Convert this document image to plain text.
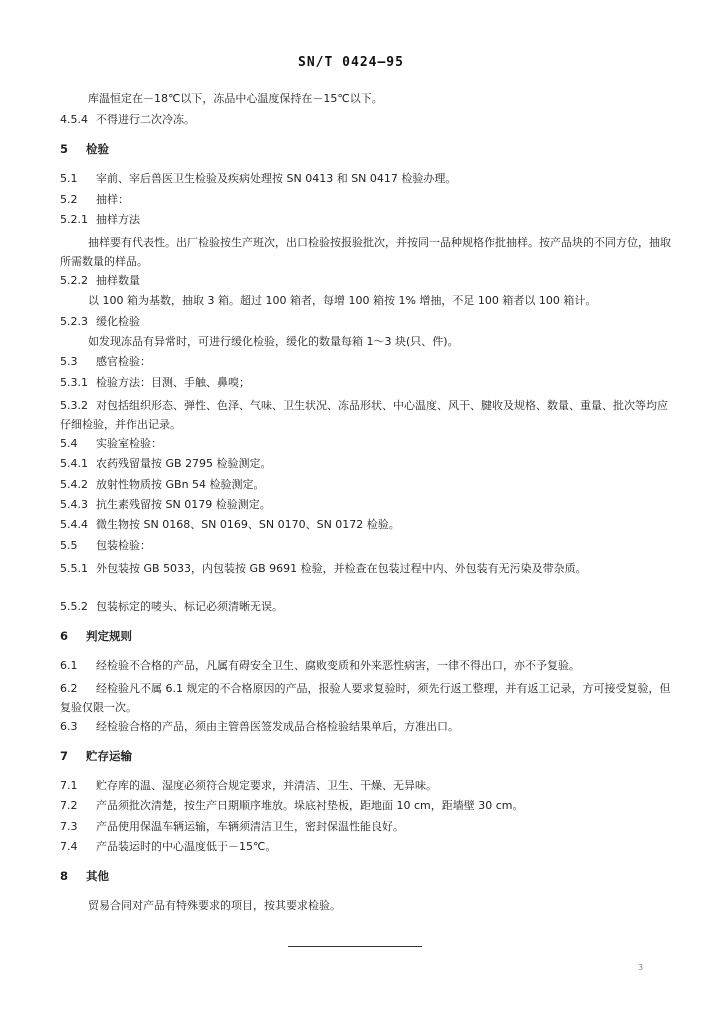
SN/T 0424—95
库温恒定在－18℃以下，冻品中心温度保持在－15℃以下。
4.5.4 不得进行二次冷冻。
5 检验
5.1 宰前、宰后兽医卫生检验及疾病处理按 SN 0413 和 SN 0417 检验办理。
5.2 抽样：
5.2.1 抽样方法
抽样要有代表性。出厂检验按生产班次，出口检验按报验批次，并按同一品种规格作批抽样。按产品块的不同方位，抽取所需数量的样品。
5.2.2 抽样数量
以 100 箱为基数，抽取 3 箱。超过 100 箱者，每增 100 箱按 1% 增抽，不足 100 箱者以 100 箱计。
5.2.3 缓化检验
如发现冻品有异常时，可进行缓化检验，缓化的数量每箱 1～3 块(只、件)。
5.3 感官检验：
5.3.1 检验方法：目测、手触、鼻嗅；
5.3.2 对包括组织形态、弹性、色泽、气味、卫生状况、冻品形状、中心温度、风干、腱收及规格、数量、重量、批次等均应仔细检验，并作出记录。
5.4 实验室检验：
5.4.1 农药残留量按 GB 2795 检验测定。
5.4.2 放射性物质按 GBn 54 检验测定。
5.4.3 抗生素残留按 SN 0179 检验测定。
5.4.4 微生物按 SN 0168、SN 0169、SN 0170、SN 0172 检验。
5.5 包装检验：
5.5.1 外包装按 GB 5033，内包装按 GB 9691 检验，并检查在包装过程中内、外包装有无污染及带杂质。
5.5.2 包装标定的唛头、标记必须清晰无误。
6 判定规则
6.1 经检验不合格的产品，凡属有碍安全卫生、腐败变质和外来恶性病害，一律不得出口，亦不予复验。
6.2 经检验凡不属 6.1 规定的不合格原因的产品，报验人要求复验时，须先行返工整理，并有返工记录，方可接受复验，但复验仅限一次。
6.3 经检验合格的产品，须由主管兽医签发成品合格检验结果单后，方准出口。
7 贮存运输
7.1 贮存库的温、湿度必须符合规定要求，并清洁、卫生、干燥、无异味。
7.2 产品须批次清楚，按生产日期顺序堆放。垛底衬垫板，距地面 10 cm，距墙壁 30 cm。
7.3 产品使用保温车辆运输，车辆须清洁卫生，密封保温性能良好。
7.4 产品装运时的中心温度低于－15℃。
8 其他
贸易合同对产品有特殊要求的项目，按其要求检验。
3
